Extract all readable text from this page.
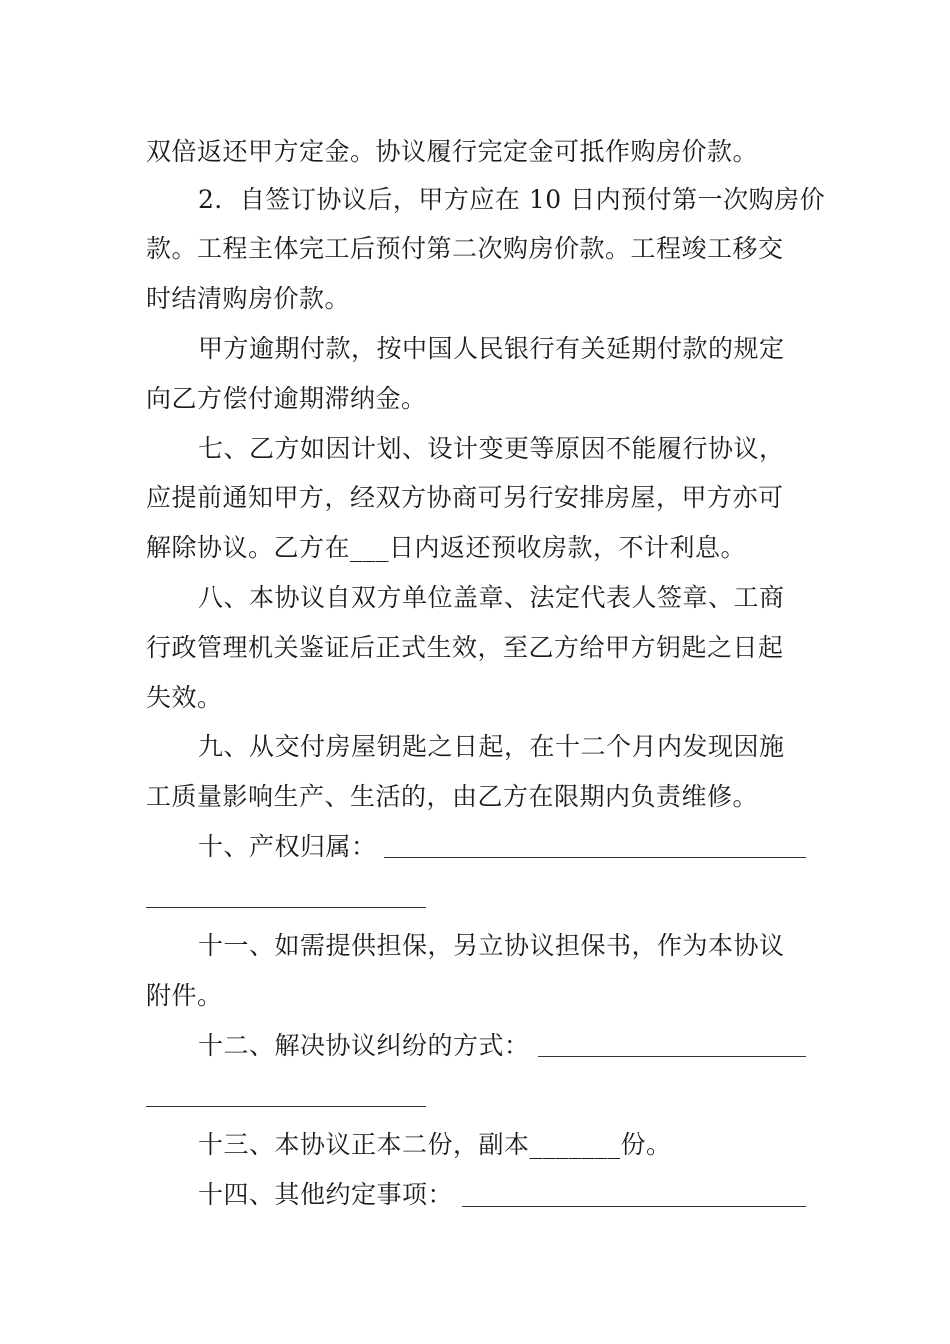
双倍返还甲方定金。协议履行完定金可抵作购房价款。
2．自签订协议后，甲方应在 10 日内预付第一次购房价
款。工程主体完工后预付第二次购房价款。工程竣工移交
时结清购房价款。
甲方逾期付款，按中国人民银行有关延期付款的规定
向乙方偿付逾期滞纳金。
七、乙方如因计划、设计变更等原因不能履行协议，
应提前通知甲方，经双方协商可另行安排房屋，甲方亦可
解除协议。乙方在___日内返还预收房款，不计利息。
八、本协议自双方单位盖章、法定代表人签章、工商
行政管理机关鉴证后正式生效，至乙方给甲方钥匙之日起
失效。
九、从交付房屋钥匙之日起，在十二个月内发现因施
工质量影响生产、生活的，由乙方在限期内负责维修。
十、产权归属：
十一、如需提供担保，另立协议担保书，作为本协议
附件。
十二、解决协议纠纷的方式：
十三、本协议正本二份，副本_______份。
十四、其他约定事项：
